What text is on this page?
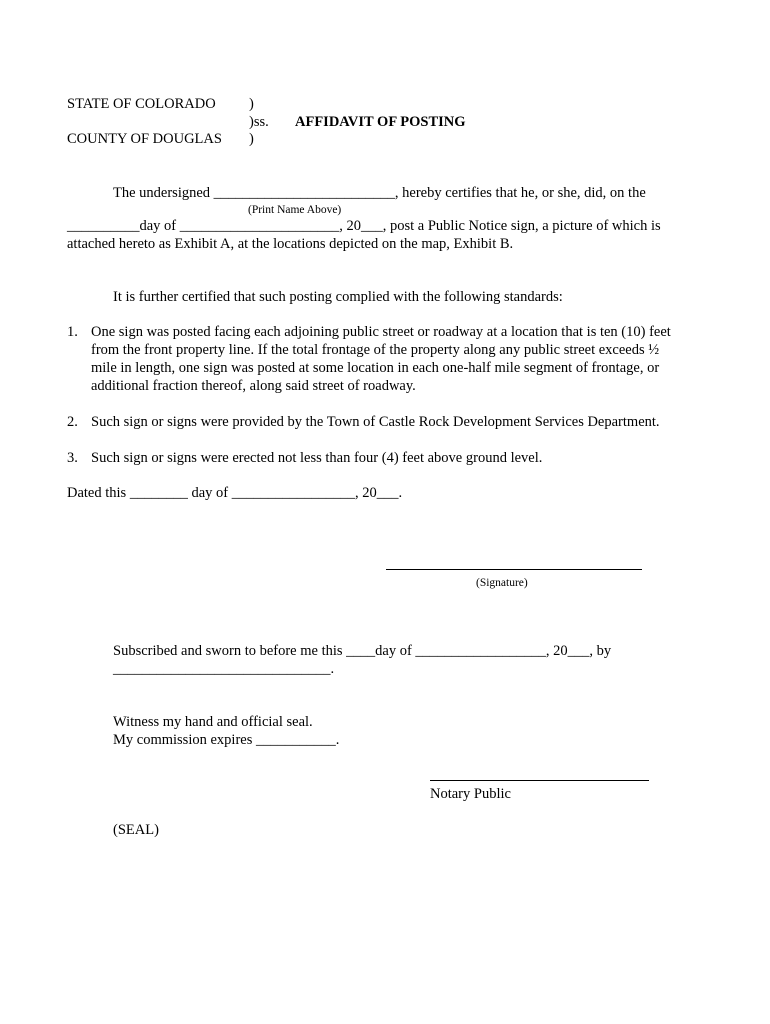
STATE OF COLORADO )
)ss. AFFIDAVIT OF POSTING
COUNTY OF DOUGLAS )
The undersigned _________________________, hereby certifies that he, or she, did, on the
(Print Name Above)
__________day of ______________________, 20___, post a Public Notice sign, a picture of which is
attached hereto as Exhibit A, at the locations depicted on the map, Exhibit B.
It is further certified that such posting complied with the following standards:
1. One sign was posted facing each adjoining public street or roadway at a location that is ten (10) feet
from the front property line. If the total frontage of the property along any public street exceeds ½
mile in length, one sign was posted at some location in each one-half mile segment of frontage, or
additional fraction thereof, along said street of roadway.
2. Such sign or signs were provided by the Town of Castle Rock Development Services Department.
3. Such sign or signs were erected not less than four (4) feet above ground level.
Dated this ________ day of _________________, 20___.
(Signature)
Subscribed and sworn to before me this ____day of __________________, 20___, by
______________________________.
Witness my hand and official seal.
My commission expires ___________.
Notary Public
(SEAL)
